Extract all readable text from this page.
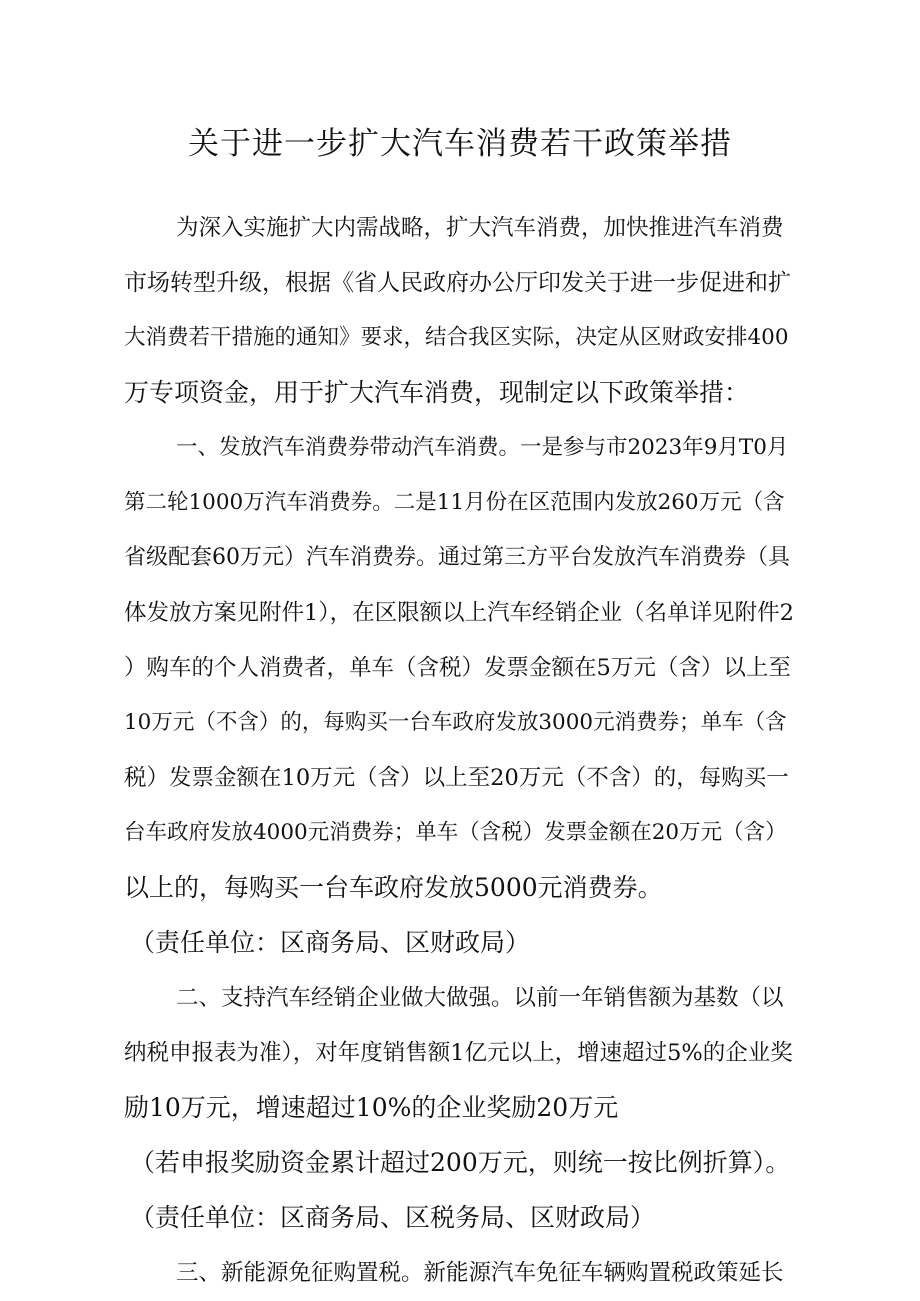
关于进一步扩大汽车消费若干政策举措
为深入实施扩大内需战略，扩大汽车消费，加快推进汽车消费
市场转型升级，根据《省人民政府办公厅印发关于进一步促进和扩
大消费若干措施的通知》要求，结合我区实际，决定从区财政安排400
万专项资金，用于扩大汽车消费，现制定以下政策举措：
一、发放汽车消费券带动汽车消费。一是参与市2023年9月T0月
第二轮1000万汽车消费券。二是11月份在区范围内发放260万元（含
省级配套60万元）汽车消费券。通过第三方平台发放汽车消费券（具
体发放方案见附件1），在区限额以上汽车经销企业（名单详见附件2
）购车的个人消费者，单车（含税）发票金额在5万元（含）以上至
10万元（不含）的，每购买一台车政府发放3000元消费券；单车（含
税）发票金额在10万元（含）以上至20万元（不含）的，每购买一
台车政府发放4000元消费券；单车（含税）发票金额在20万元（含）
以上的，每购买一台车政府发放5000元消费券。
（责任单位：区商务局、区财政局）
二、支持汽车经销企业做大做强。以前一年销售额为基数（以
纳税申报表为准），对年度销售额1亿元以上，增速超过5%的企业奖
励10万元，增速超过10%的企业奖励20万元
（若申报奖励资金累计超过200万元，则统一按比例折算）。
（责任单位：区商务局、区税务局、区财政局）
三、新能源免征购置税。新能源汽车免征车辆购置税政策延长
